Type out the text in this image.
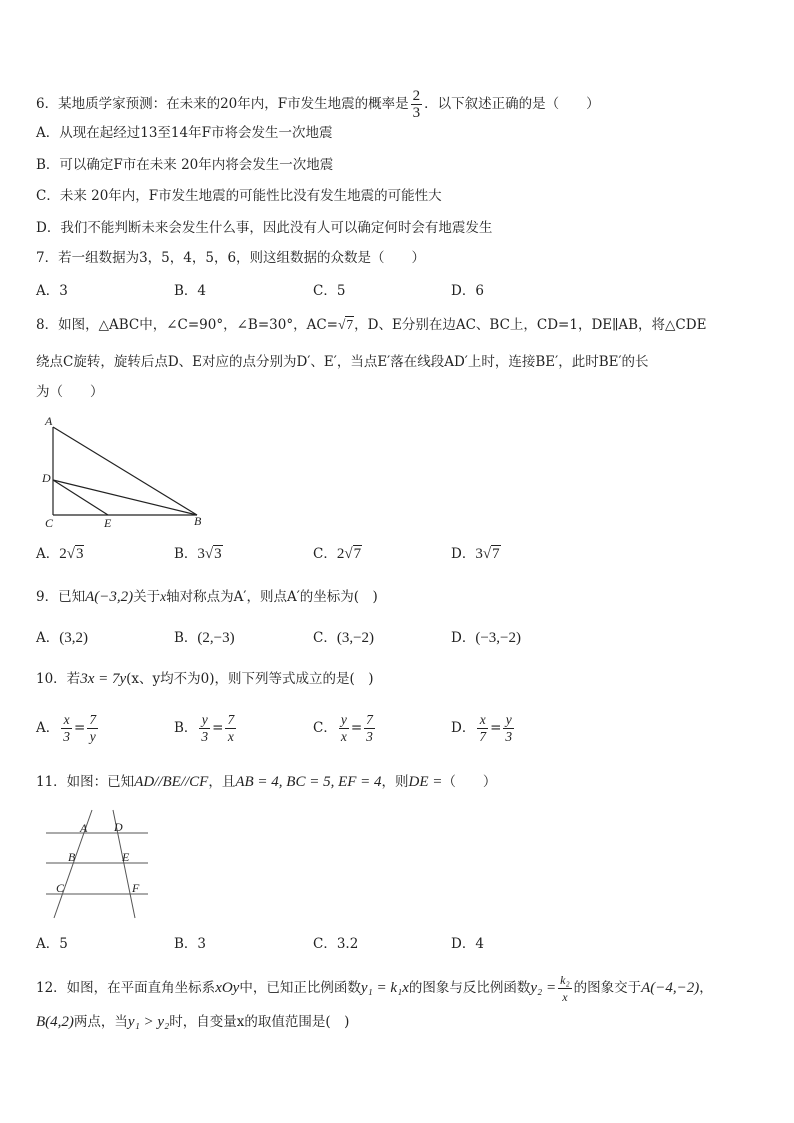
6．某地质学家预测：在未来的20年内，F市发生地震的概率是 $\frac{2}{3}$ ．以下叙述正确的是（　　）
A．从现在起经过13至14年F市将会发生一次地震
B．可以确定F市在未来 20年内将会发生一次地震
C．未来 20年内，F市发生地震的可能性比没有发生地震的可能性大
D．我们不能判断未来会发生什么事，因此没有人可以确定何时会有地震发生
7．若一组数据为3，5，4，5，6，则这组数据的众数是（　　）
A．3	B．4	C．5	D．6
8．如图，△ABC中，∠C=90°，∠B=30°，AC=√7，D、E分别在边AC、BC上，CD=1，DE∥AB，将△CDE
绕点C旋转，旋转后点D、E对应的点分别为D′、E′，当点E′落在线段AD′上时，连接BE′，此时BE′的长
为（　　）
A
D
C	E	B
A．2√3	B．3√3	C．2√7	D．3√7
9．已知A(−3,2)关于x轴对称点为A′，则点A′的坐标为(　)
A．(3,2)	B．(2,−3)	C．(3,−2)	D．(−3,−2)
10．若3x = 7y(x、y均不为0)，则下列等式成立的是(　)
A． $\frac{x}{3} = \frac{7}{y}$	B． $\frac{y}{3} = \frac{7}{x}$	C． $\frac{y}{x} = \frac{7}{3}$	D． $\frac{x}{7} = \frac{y}{3}$
11．如图：已知AD//BE//CF，且AB = 4, BC = 5, EF = 4，则DE =（　　）
A D
B	E
C	F
A．5	B．3	C．3.2	D．4
12．如图，在平面直角坐标系xOy中，已知正比例函数y₁ = k₁x的图象与反比例函数$y_2 = \frac{\text{k₂}}{x}$ 的图象交于A(−4,−2)，
B(4,2)两点，当y₁ > y₂时，自变量x的取值范围是(　)
